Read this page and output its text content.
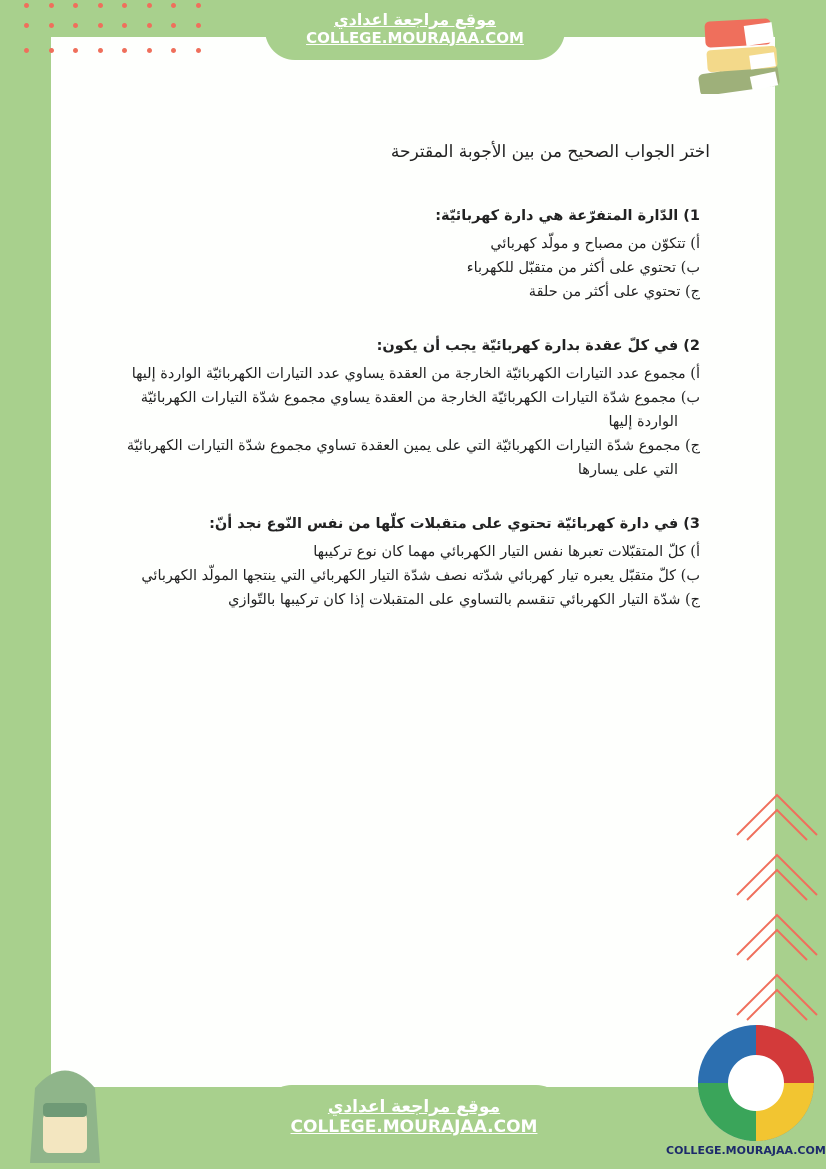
موقع مراجعة اعدادي
COLLEGE.MOURAJAA.COM
اختر الجواب الصحيح من بين الأجوبة المقترحة
1) الدّارة المتفرّعة هي دارة كهربائيّة:
أ) تتكوّن من مصباح و مولّد كهربائي
ب) تحتوي على أكثر من متقبّل للكهرباء
ج) تحتوي على أكثر من حلقة
2) في كلّ عقدة بدارة كهربائيّة يجب أن يكون:
أ) مجموع عدد التيارات الكهربائيّة الخارجة من العقدة يساوي عدد التيارات الكهربائيّة الواردة إليها
ب) مجموع شدّة التيارات الكهربائيّة الخارجة من العقدة يساوي مجموع شدّة التيارات الكهربائيّة الواردة إليها
ج) مجموع شدّة التيارات الكهربائيّة التي على يمين العقدة تساوي مجموع شدّة التيارات الكهربائيّة التي على يسارها
3) في دارة كهربائيّة تحتوي على متقبلات كلّها من نفس النّوع نجد أنّ:
أ) كلّ المتقبّلات تعبرها نفس التيار الكهربائي مهما كان نوع تركيبها
ب) كلّ متقبّل يعبره تيار كهربائي شدّته نصف شدّة التيار الكهربائي التي ينتجها المولّد الكهربائي
ج) شدّة التيار الكهربائي تنقسم بالتساوي على المتقبلات إذا كان تركيبها بالتّوازي
COLLEGE.MOURAJAA.COM
موقع مراجعة اعدادي
COLLEGE.MOURAJAA.COM
